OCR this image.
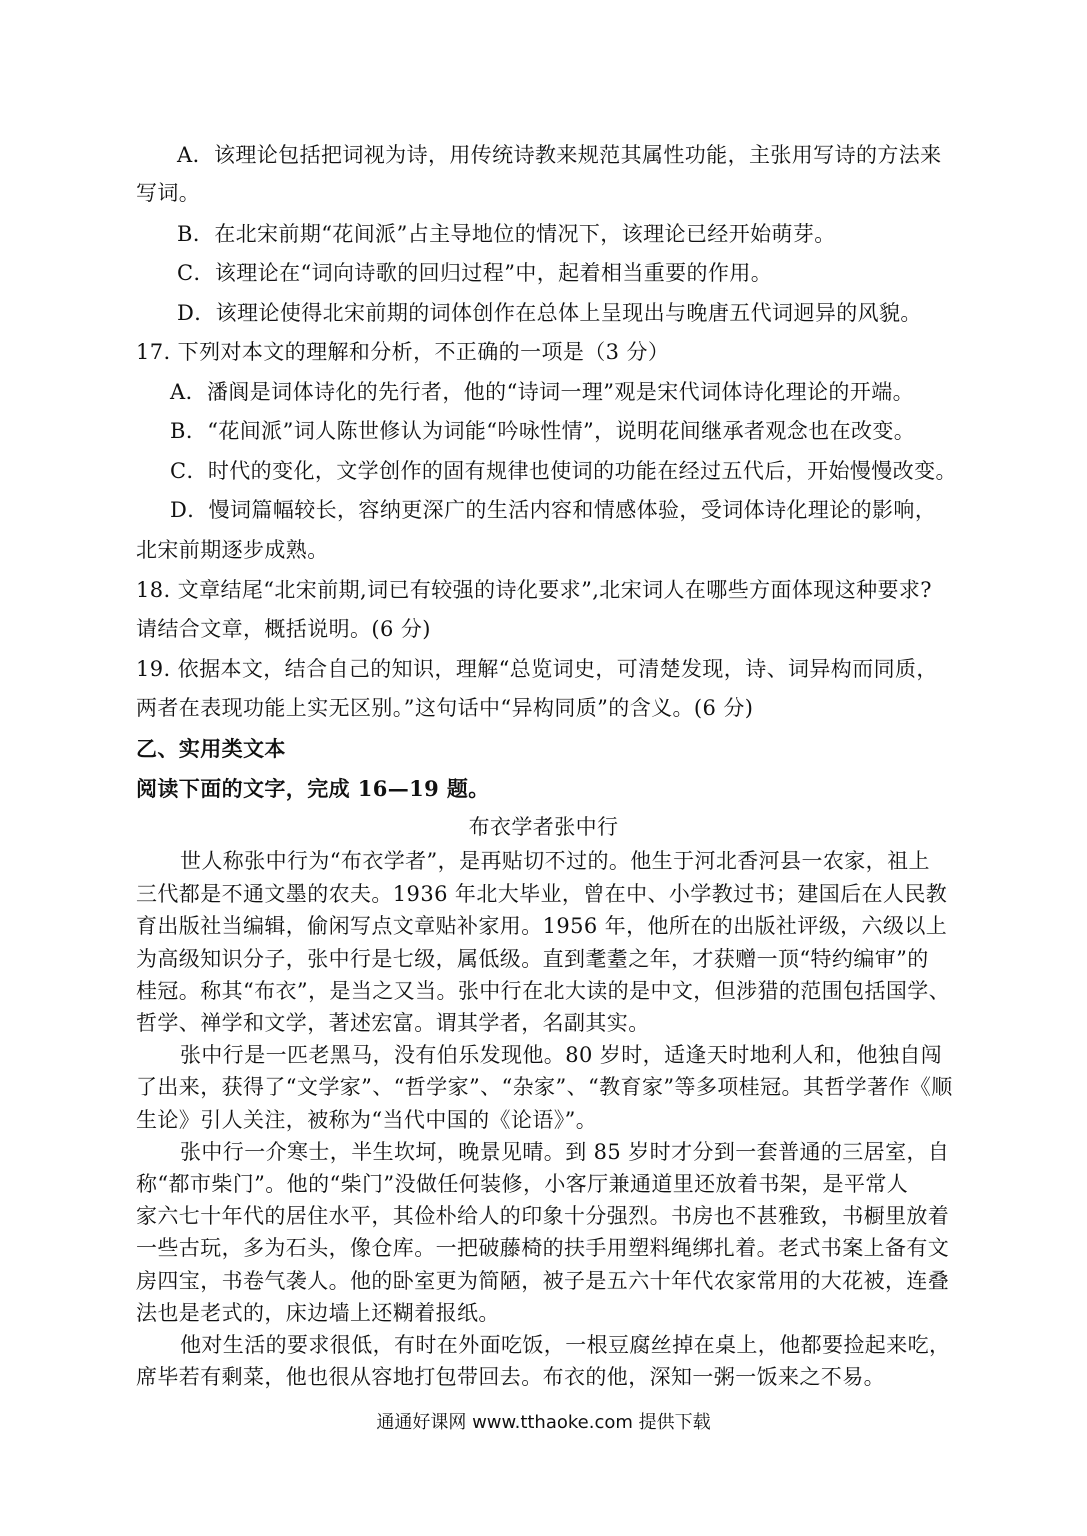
A．该理论包括把词视为诗，用传统诗教来规范其属性功能，主张用写诗的方法来
写词。
B．在北宋前期“花间派”占主导地位的情况下，该理论已经开始萌芽。
C．该理论在“词向诗歌的回归过程”中，起着相当重要的作用。
D．该理论使得北宋前期的词体创作在总体上呈现出与晚唐五代词迥异的风貌。
17. 下列对本文的理解和分析，不正确的一项是（3 分）
A．潘阆是词体诗化的先行者，他的“诗词一理”观是宋代词体诗化理论的开端。
B．“花间派”词人陈世修认为词能“吟咏性情”，说明花间继承者观念也在改变。
C．时代的变化，文学创作的固有规律也使词的功能在经过五代后，开始慢慢改变。
D．慢词篇幅较长，容纳更深广的生活内容和情感体验，受词体诗化理论的影响，
北宋前期逐步成熟。
18. 文章结尾“北宋前期,词已有较强的诗化要求”,北宋词人在哪些方面体现这种要求?
请结合文章，概括说明。(6 分)
19. 依据本文，结合自己的知识，理解“总览词史，可清楚发现，诗、词异构而同质，
两者在表现功能上实无区别。”这句话中“异构同质”的含义。(6 分)
乙、实用类文本
阅读下面的文字，完成 16—19 题。
布衣学者张中行
世人称张中行为“布衣学者”，是再贴切不过的。他生于河北香河县一农家，祖上
三代都是不通文墨的农夫。1936 年北大毕业，曾在中、小学教过书；建国后在人民教
育出版社当编辑，偷闲写点文章贴补家用。1956 年，他所在的出版社评级，六级以上
为高级知识分子，张中行是七级，属低级。直到耄耋之年，才获赠一顶“特约编审”的
桂冠。称其“布衣”，是当之又当。张中行在北大读的是中文，但涉猎的范围包括国学、
哲学、禅学和文学，著述宏富。谓其学者，名副其实。
张中行是一匹老黑马，没有伯乐发现他。80 岁时，适逢天时地利人和，他独自闯
了出来，获得了“文学家”、“哲学家”、“杂家”、“教育家”等多项桂冠。其哲学著作《顺
生论》引人关注，被称为“当代中国的《论语》”。
张中行一介寒士，半生坎坷，晚景见晴。到 85 岁时才分到一套普通的三居室，自
称“都市柴门”。他的“柴门”没做任何装修，小客厅兼通道里还放着书架，是平常人
家六七十年代的居住水平，其俭朴给人的印象十分强烈。书房也不甚雅致，书橱里放着
一些古玩，多为石头，像仓库。一把破藤椅的扶手用塑料绳绑扎着。老式书案上备有文
房四宝，书卷气袭人。他的卧室更为简陋，被子是五六十年代农家常用的大花被，连叠
法也是老式的，床边墙上还糊着报纸。
他对生活的要求很低，有时在外面吃饭，一根豆腐丝掉在桌上，他都要捡起来吃，
席毕若有剩菜，他也很从容地打包带回去。布衣的他，深知一粥一饭来之不易。
通通好课网 www.tthaoke.com 提供下载
